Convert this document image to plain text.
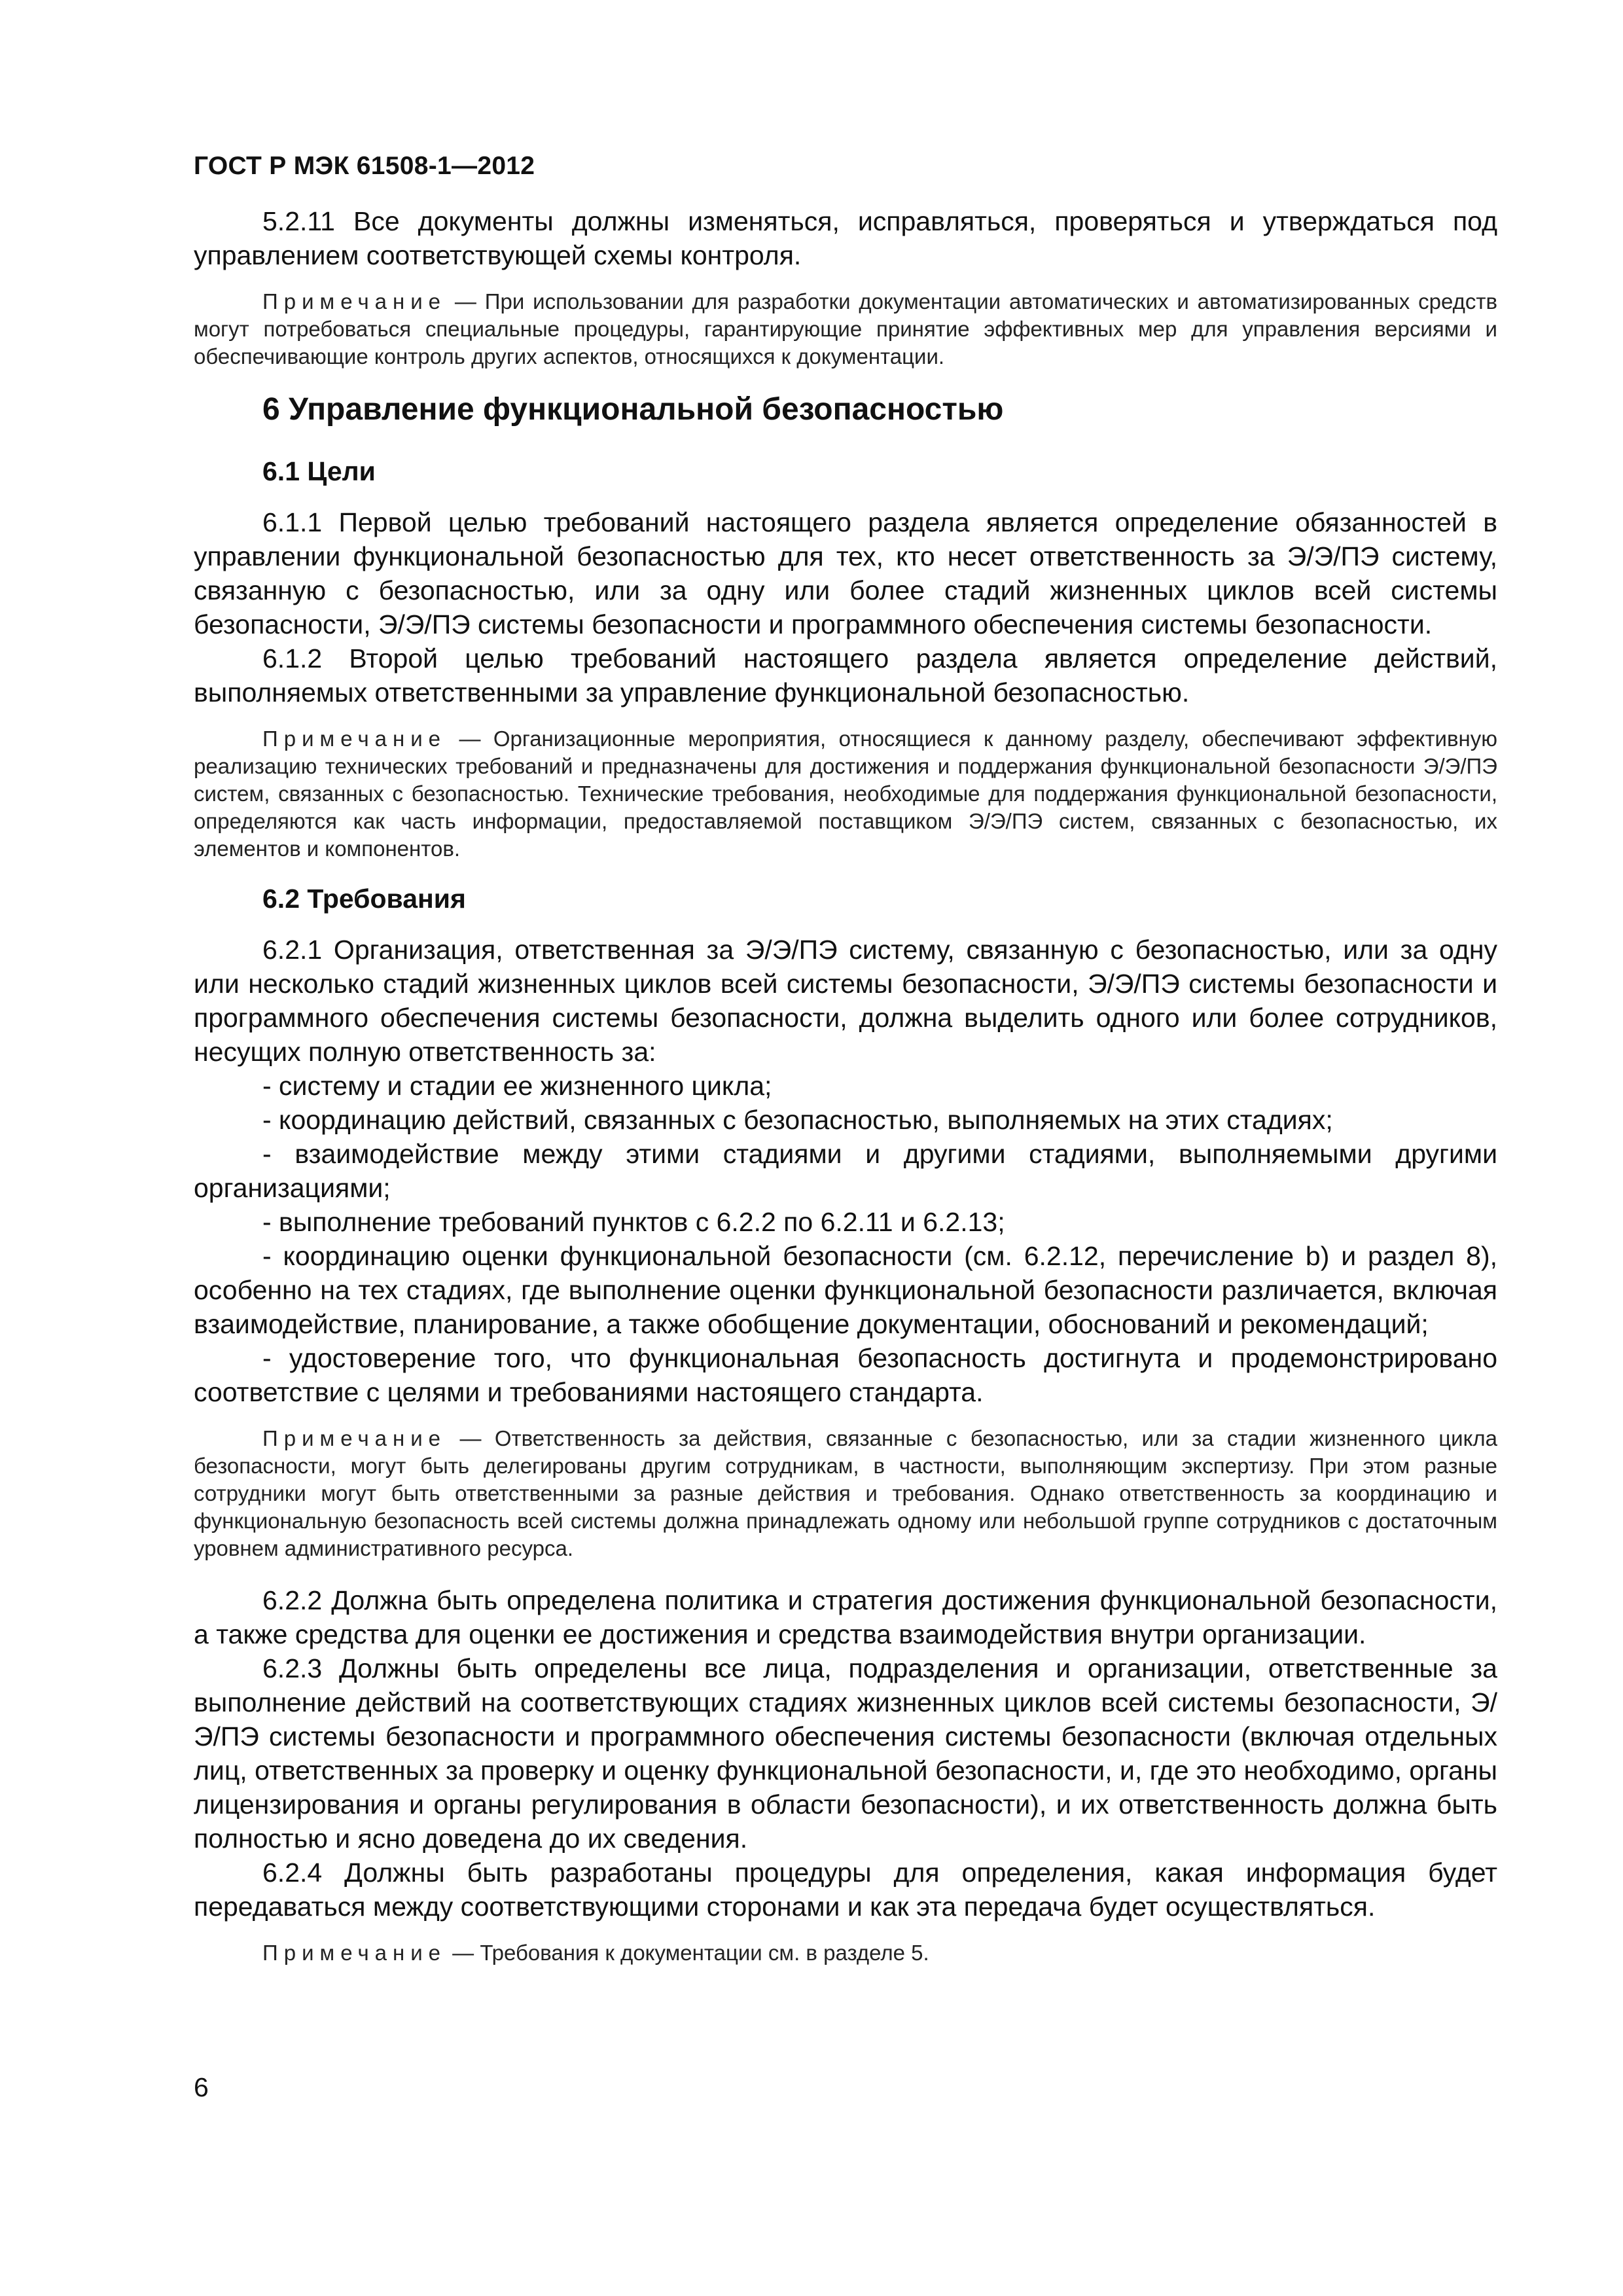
ГОСТ Р МЭК 61508-1—2012

5.2.11 Все документы должны изменяться, исправляться, проверяться и утверждаться под управлением соответствующей схемы контроля.

Примечание — При использовании для разработки документации автоматических и автоматизированных средств могут потребоваться специальные процедуры, гарантирующие принятие эффективных мер для управления версиями и обеспечивающие контроль других аспектов, относящихся к документации.

6 Управление функциональной безопасностью
6.1 Цели

6.1.1 Первой целью требований настоящего раздела является определение обязанностей в управлении функциональной безопасностью для тех, кто несет ответственность за Э/Э/ПЭ систему, связанную с безопасностью, или за одну или более стадий жизненных циклов всей системы безопасности, Э/Э/ПЭ системы безопасности и программного обеспечения системы безопасности.

6.1.2 Второй целью требований настоящего раздела является определение действий, выполняемых ответственными за управление функциональной безопасностью.

Примечание — Организационные мероприятия, относящиеся к данному разделу, обеспечивают эффективную реализацию технических требований и предназначены для достижения и поддержания функциональной безопасности Э/Э/ПЭ систем, связанных с безопасностью. Технические требования, необходимые для поддержания функциональной безопасности, определяются как часть информации, предоставляемой поставщиком Э/Э/ПЭ систем, связанных с безопасностью, их элементов и компонентов.

6.2 Требования

6.2.1 Организация, ответственная за Э/Э/ПЭ систему, связанную с безопасностью, или за одну или несколько стадий жизненных циклов всей системы безопасности, Э/Э/ПЭ системы безопасности и программного обеспечения системы безопасности, должна выделить одного или более сотрудников, несущих полную ответственность за:

- систему и стадии ее жизненного цикла;

- координацию действий, связанных с безопасностью, выполняемых на этих стадиях;

- взаимодействие между этими стадиями и другими стадиями, выполняемыми другими организациями;

- выполнение требований пунктов с 6.2.2 по 6.2.11 и 6.2.13;

- координацию оценки функциональной безопасности (см. 6.2.12, перечисление b) и раздел 8), особенно на тех стадиях, где выполнение оценки функциональной безопасности различается, включая взаимодействие, планирование, а также обобщение документации, обоснований и рекомендаций;

- удостоверение того, что функциональная безопасность достигнута и продемонстрировано соответствие с целями и требованиями настоящего стандарта.

Примечание — Ответственность за действия, связанные с безопасностью, или за стадии жизненного цикла безопасности, могут быть делегированы другим сотрудникам, в частности, выполняющим экспертизу. При этом разные сотрудники могут быть ответственными за разные действия и требования. Однако ответственность за координацию и функциональную безопасность всей системы должна принадлежать одному или небольшой группе сотрудников с достаточным уровнем административного ресурса.

6.2.2 Должна быть определена политика и стратегия достижения функциональной безопасности, а также средства для оценки ее достижения и средства взаимодействия внутри организации.

6.2.3 Должны быть определены все лица, подразделения и организации, ответственные за выполнение действий на соответствующих стадиях жизненных циклов всей системы безопасности, Э/Э/ПЭ системы безопасности и программного обеспечения системы безопасности (включая отдельных лиц, ответственных за проверку и оценку функциональной безопасности, и, где это необходимо, органы лицензирования и органы регулирования в области безопасности), и их ответственность должна быть полностью и ясно доведена до их сведения.

6.2.4 Должны быть разработаны процедуры для определения, какая информация будет передаваться между соответствующими сторонами и как эта передача будет осуществляться.

Примечание — Требования к документации см. в разделе 5.

6
